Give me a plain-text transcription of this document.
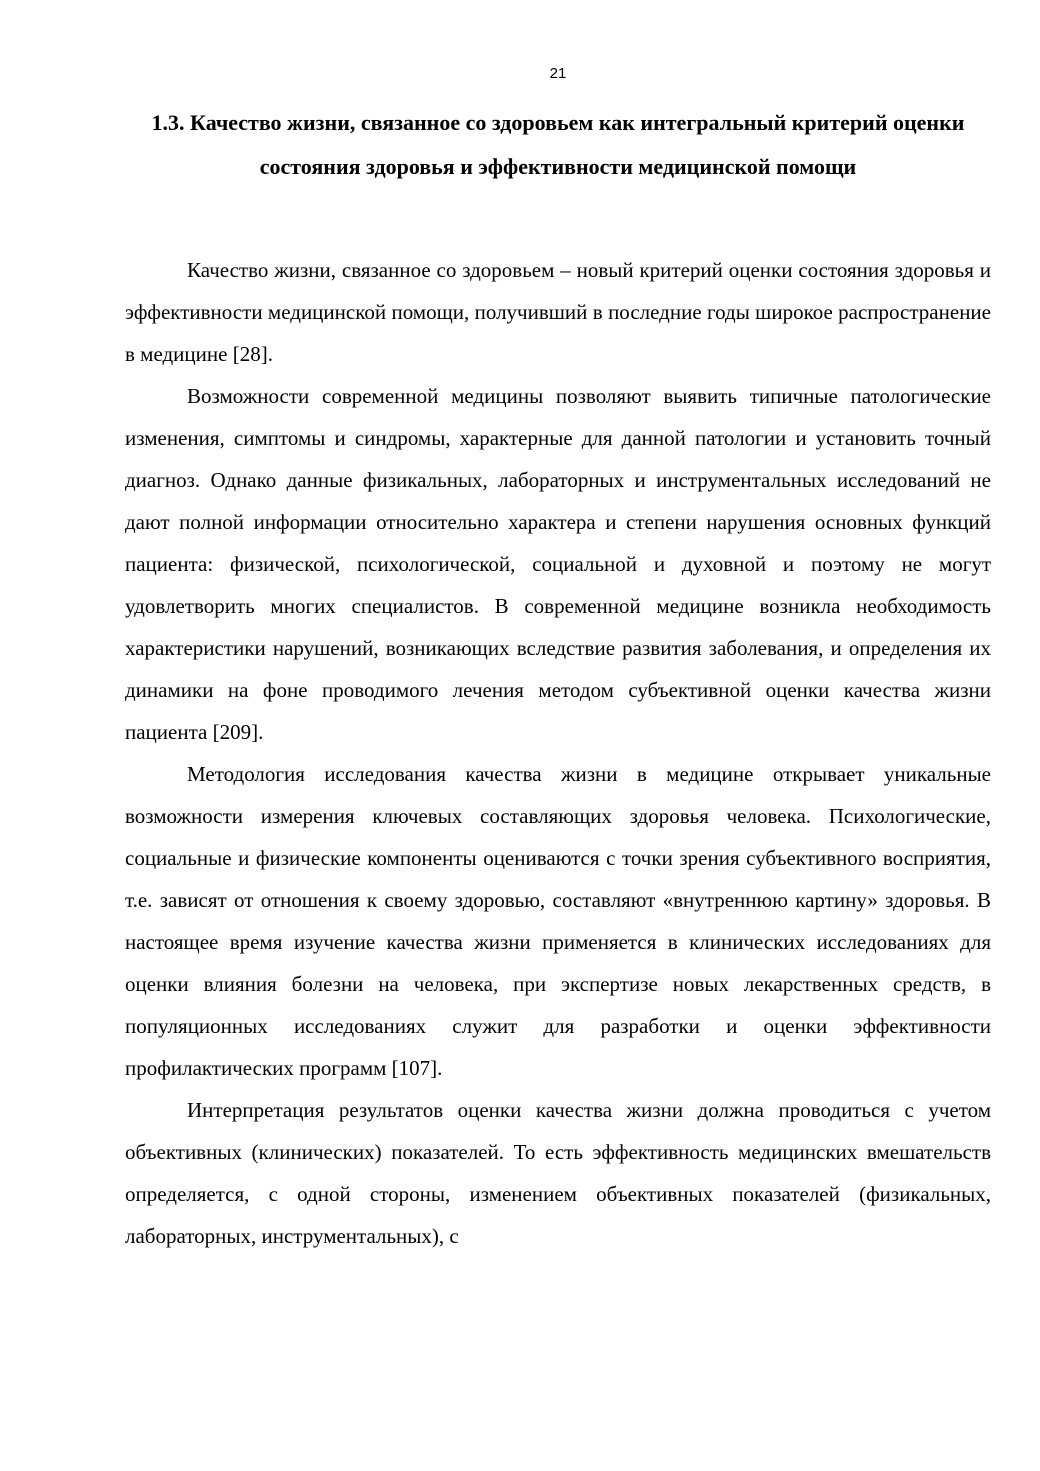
21
1.3. Качество жизни, связанное со здоровьем как интегральный критерий оценки состояния здоровья и эффективности медицинской помощи

Качество жизни, связанное со здоровьем – новый критерий оценки состояния здоровья и эффективности медицинской помощи, получивший в последние годы широкое распространение в медицине [28].

Возможности современной медицины позволяют выявить типичные патологические изменения, симптомы и синдромы, характерные для данной патологии и установить точный диагноз. Однако данные физикальных, лабораторных и инструментальных исследований не дают полной информации относительно характера и степени нарушения основных функций пациента: физической, психологической, социальной и духовной и поэтому не могут удовлетворить многих специалистов. В современной медицине возникла необходимость характеристики нарушений, возникающих вследствие развития заболевания, и определения их динамики на фоне проводимого лечения методом субъективной оценки качества жизни пациента [209].

Методология исследования качества жизни в медицине открывает уникальные возможности измерения ключевых составляющих здоровья человека. Психологические, социальные и физические компоненты оцениваются с точки зрения субъективного восприятия, т.е. зависят от отношения к своему здоровью, составляют «внутреннюю картину» здоровья. В настоящее время изучение качества жизни применяется в клинических исследованиях для оценки влияния болезни на человека, при экспертизе новых лекарственных средств, в популяционных исследованиях служит для разработки и оценки эффективности профилактических программ [107].

Интерпретация результатов оценки качества жизни должна проводиться с учетом объективных (клинических) показателей. То есть эффективность медицинских вмешательств определяется, с одной стороны, изменением объективных показателей (физикальных, лабораторных, инструментальных), с
